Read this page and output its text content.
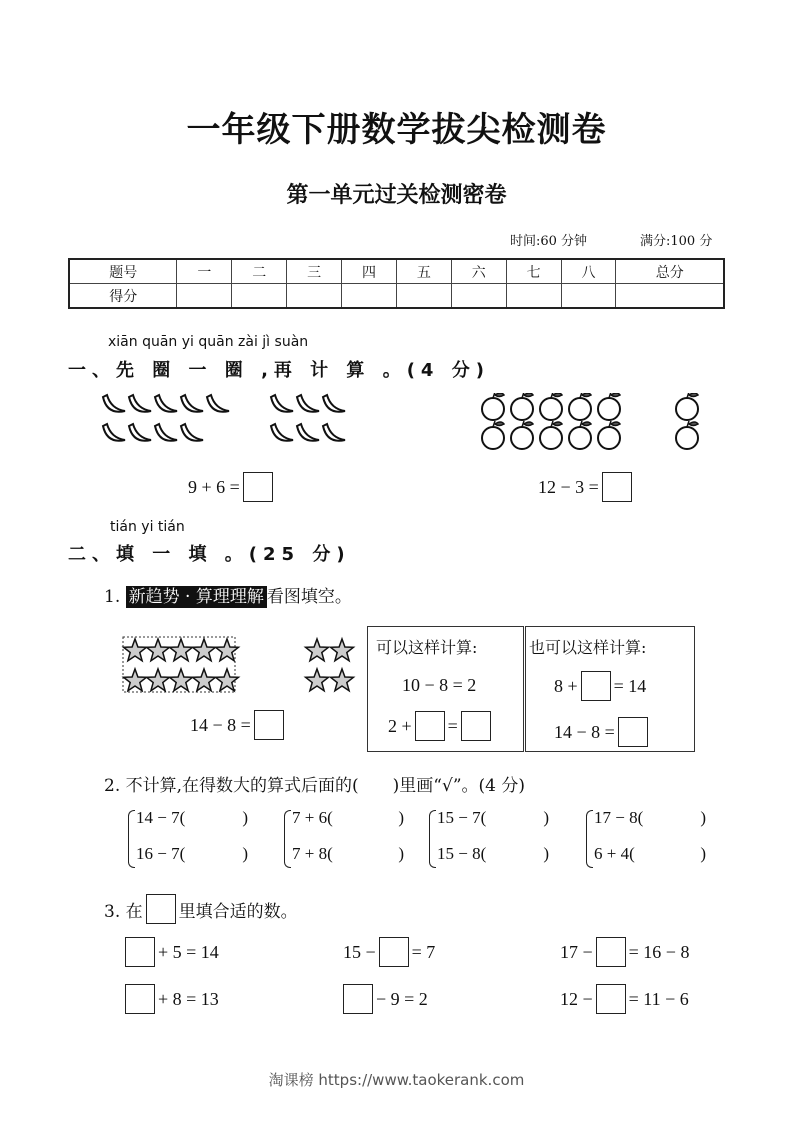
一年级下册数学拔尖检测卷
第一单元过关检测密卷
时间:60 分钟	满分:100 分
题号	一	二	三	四	五	六	七	八	总分
得分									
xiān quān yi quān zài jì suàn
一、先 圈 一 圈 ,再 计 算 。(4 分)
9 + 6 =	12 − 3 =
tián yi tián
二、填 一 填 。(25 分)
1. 新趋势 · 算理理解 看图填空。
14 − 8 =
可以这样计算:
10 − 8 = 2
2 + =
也可以这样计算:
8 + = 14
14 − 8 =
2. 不计算,在得数大的算式后面的(　　)里画“√”。(4 分)
14 − 7(	)
16 − 7(	)
7 + 6(	)
7 + 8(	)
15 − 7(	)
15 − 8(	)
17 − 8(	)
6 + 4(	)
3. 在 里填合适的数。
+ 5 = 14	15 − = 7	17 − = 16 − 8
+ 8 = 13	− 9 = 2	12 − = 11 − 6
淘课榜 https://www.taokerank.com
